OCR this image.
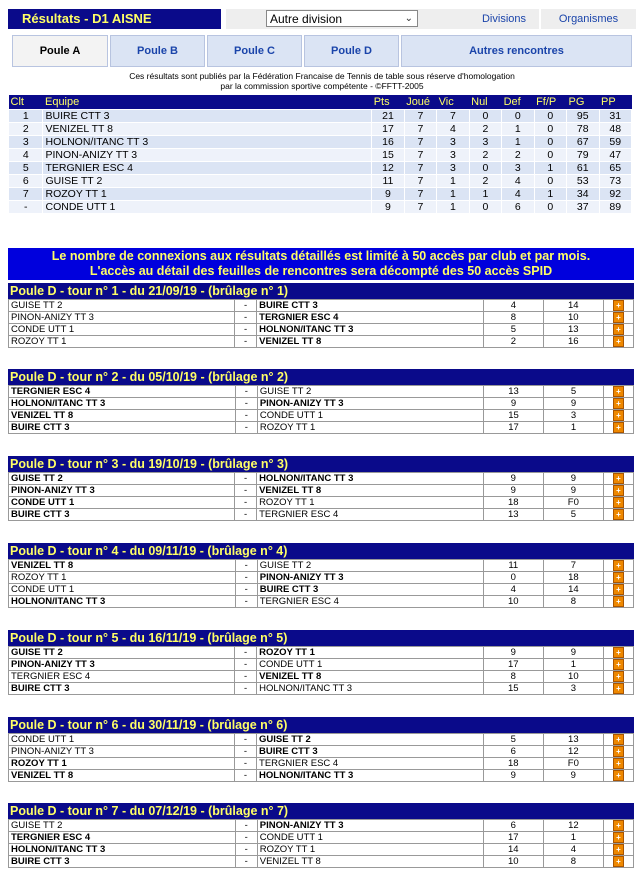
Résultats - D1 AISNE	Autre division	⌄	Divisions	Organismes
Poule A	Poule B	Poule C	Poule D	Autres rencontres
Ces résultats sont publiés par la Fédération Francaise de Tennis de table sous réserve d'homologation
par la commission sportive compétente - ©FFTT-2005
Clt	Equipe	Pts	Joué	Vic	Nul	Def	Ff/P	PG	PP
1	BUIRE CTT 3	21	7	7	0	0	0	95	31
2	VENIZEL TT 8	17	7	4	2	1	0	78	48
3	HOLNON/ITANC TT 3	16	7	3	3	1	0	67	59
4	PINON-ANIZY TT 3	15	7	3	2	2	0	79	47
5	TERGNIER ESC 4	12	7	3	0	3	1	61	65
6	GUISE TT 2	11	7	1	2	4	0	53	73
7	ROZOY TT 1	9	7	1	1	4	1	34	92
-	CONDE UTT 1	9	7	1	0	6	0	37	89
Le nombre de connexions aux résultats détaillés est limité à 50 accès par club et par mois.
L'accès au détail des feuilles de rencontres sera décompté des 50 accès SPID
Poule D - tour n° 1 - du 21/09/19 - (brûlage n° 1)
GUISE TT 2	-	BUIRE CTT 3	4	14	+
PINON-ANIZY TT 3	-	TERGNIER ESC 4	8	10	+
CONDE UTT 1	-	HOLNON/ITANC TT 3	5	13	+
ROZOY TT 1	-	VENIZEL TT 8	2	16	+
Poule D - tour n° 2 - du 05/10/19 - (brûlage n° 2)
TERGNIER ESC 4	-	GUISE TT 2	13	5	+
HOLNON/ITANC TT 3	-	PINON-ANIZY TT 3	9	9	+
VENIZEL TT 8	-	CONDE UTT 1	15	3	+
BUIRE CTT 3	-	ROZOY TT 1	17	1	+
Poule D - tour n° 3 - du 19/10/19 - (brûlage n° 3)
GUISE TT 2	-	HOLNON/ITANC TT 3	9	9	+
PINON-ANIZY TT 3	-	VENIZEL TT 8	9	9	+
CONDE UTT 1	-	ROZOY TT 1	18	F0	+
BUIRE CTT 3	-	TERGNIER ESC 4	13	5	+
Poule D - tour n° 4 - du 09/11/19 - (brûlage n° 4)
VENIZEL TT 8	-	GUISE TT 2	11	7	+
ROZOY TT 1	-	PINON-ANIZY TT 3	0	18	+
CONDE UTT 1	-	BUIRE CTT 3	4	14	+
HOLNON/ITANC TT 3	-	TERGNIER ESC 4	10	8	+
Poule D - tour n° 5 - du 16/11/19 - (brûlage n° 5)
GUISE TT 2	-	ROZOY TT 1	9	9	+
PINON-ANIZY TT 3	-	CONDE UTT 1	17	1	+
TERGNIER ESC 4	-	VENIZEL TT 8	8	10	+
BUIRE CTT 3	-	HOLNON/ITANC TT 3	15	3	+
Poule D - tour n° 6 - du 30/11/19 - (brûlage n° 6)
CONDE UTT 1	-	GUISE TT 2	5	13	+
PINON-ANIZY TT 3	-	BUIRE CTT 3	6	12	+
ROZOY TT 1	-	TERGNIER ESC 4	18	F0	+
VENIZEL TT 8	-	HOLNON/ITANC TT 3	9	9	+
Poule D - tour n° 7 - du 07/12/19 - (brûlage n° 7)
GUISE TT 2	-	PINON-ANIZY TT 3	6	12	+
TERGNIER ESC 4	-	CONDE UTT 1	17	1	+
HOLNON/ITANC TT 3	-	ROZOY TT 1	14	4	+
BUIRE CTT 3	-	VENIZEL TT 8	10	8	+
